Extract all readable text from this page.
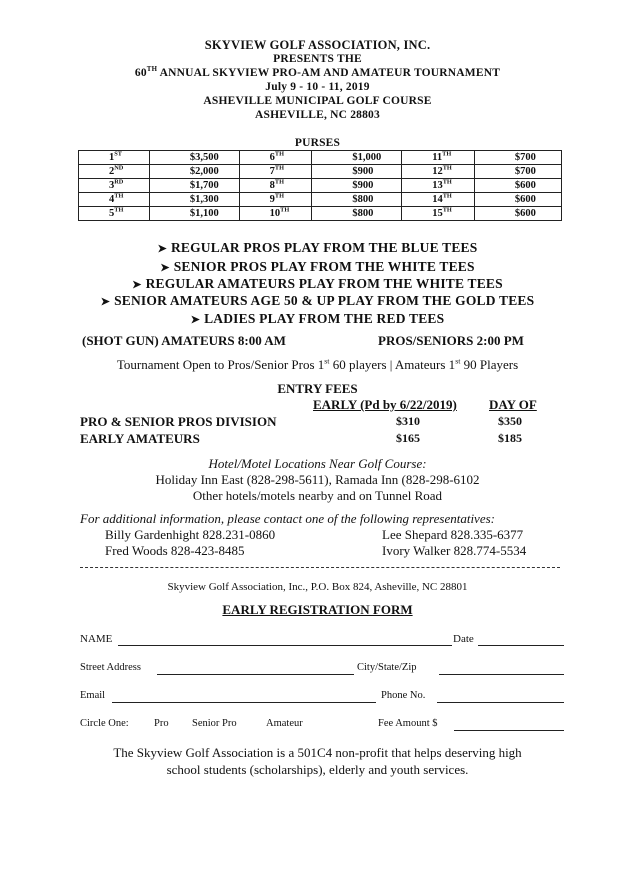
SKYVIEW GOLF ASSOCIATION, INC.
PRESENTS THE
60TH ANNUAL SKYVIEW PRO-AM AND AMATEUR TOURNAMENT
July 9 - 10 - 11, 2019
ASHEVILLE MUNICIPAL GOLF COURSE
ASHEVILLE, NC 28803
PURSES
1ST	$3,500	6TH	$1,000	11TH	$700
2ND	$2,000	7TH	$900	12TH	$700
3RD	$1,700	8TH	$900	13TH	$600
4TH	$1,300	9TH	$800	14TH	$600
5TH	$1,100	10TH	$800	15TH	$600
➤ REGULAR PROS PLAY FROM THE BLUE TEES
➤ SENIOR PROS PLAY FROM THE WHITE TEES
➤ REGULAR AMATEURS PLAY FROM THE WHITE TEES
➤ SENIOR AMATEURS AGE 50 & UP PLAY FROM THE GOLD TEES
➤ LADIES PLAY FROM THE RED TEES
(SHOT GUN) AMATEURS 8:00 AM	PROS/SENIORS 2:00 PM
Tournament Open to Pros/Senior Pros 1st 60 players | Amateurs 1st 90 Players
ENTRY FEES
EARLY (Pd by 6/22/2019) DAY OF
PRO & SENIOR PROS DIVISION	$310	$350
EARLY AMATEURS	$165	$185
Hotel/Motel Locations Near Golf Course:
Holiday Inn East (828-298-5611), Ramada Inn (828-298-6102
Other hotels/motels nearby and on Tunnel Road
For additional information, please contact one of the following representatives:
Billy Gardenhight 828.231-0860	Lee Shepard 828.335-6377
Fred Woods 828-423-8485	Ivory Walker 828.774-5534
Skyview Golf Association, Inc., P.O. Box 824, Asheville, NC 28801
EARLY REGISTRATION FORM
NAME	Date
Street Address	City/State/Zip
Email	Phone No.
Circle One: Pro Senior Pro	Amateur	Fee Amount $
The Skyview Golf Association is a 501C4 non-profit that helps deserving high
school students (scholarships), elderly and youth services.
